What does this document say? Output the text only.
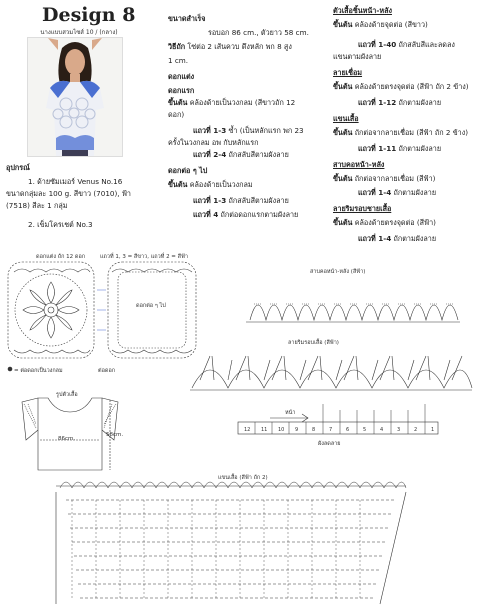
Design 8
นางแบบสวมไซส์ 10 / (กลาง)
อุปกรณ์
1. ด้ายซัมเมอร์ Venus No.16
ขนาดกลุ่มละ 100 g. สีขาว (7010), ฟ้า
(7518) สีละ 1 กลุ่ม
2. เข็มโครเชต์ No.3
ขนาดสำเร็จ
รอบอก 86 cm., ตัวยาว 58 cm.
วิธีถัก โซ่ต่อ 2 เส้นควบ ดึงหลัก พก 8 สูง
1 cm.
ดอกแต่ง
ดอกแรก
ขึ้นต้น คล้องด้ายเป็นวงกลม (สีขาวถัก 12
ดอก)
แถวที่ 1-3 ซ้ำ (เป็นหลักแรก พก 23
ครั้งในวงกลม อพ กับหลักแรก
แถวที่ 2-4 ถักสลับสีตามผังลาย
ดอกต่อ ๆ ไป
ขึ้นต้น คล้องด้ายเป็นวงกลม
แถวที่ 1-3 ถักสลับสีตามผังลาย
แถวที่ 4 ถักต่อดอกแรกตามผังลาย
ตัวเสื้อชิ้นหน้า-หลัง
ขึ้นต้น คล้องด้ายจุดต่อ (สีขาว)
แถวที่ 1-40 ถักสลับสีและลดลง
แขนตามผังลาย
ลายเชื่อม
ขึ้นต้น คล้องด้ายตรงจุดต่อ (สีฟ้า ถัก 2 ข้าง)
แถวที่ 1-12 ถักตามผังลาย
แขนเสื้อ
ขึ้นต้น ถักต่อจากลายเชื่อม (สีฟ้า ถัก 2 ข้าง)
แถวที่ 1-11 ถักตามผังลาย
สาบคอหน้า-หลัง
ขึ้นต้น ถักต่อจากลายเชื่อม (สีฟ้า)
แถวที่ 1-4 ถักตามผังลาย
ลายริมรอบชายเสื้อ
ขึ้นต้น คล้องด้ายตรงจุดต่อ (สีฟ้า)
แถวที่ 1-4 ถักตามผังลาย
ดอกแต่ง ถัก 12 ดอก	แถวที่ 1, 3 = สีขาว, แถวที่ 2 = สีฟ้า
ดอกต่อ ๆ ไป
ต่อดอก
= ต่อดอกเป็นวงกลม
สาบคอหน้า-หลัง (สีฟ้า)
ลายริมรอบเสื้อ (สีฟ้า)
รูปตัวเสื้อ
86cm.
58cm.
แขนเสื้อ (สีฟ้า ถัก 2)
หน้า
ผังลดลาย
12 11 10 9	8	7	6	5	4	3	2	1
